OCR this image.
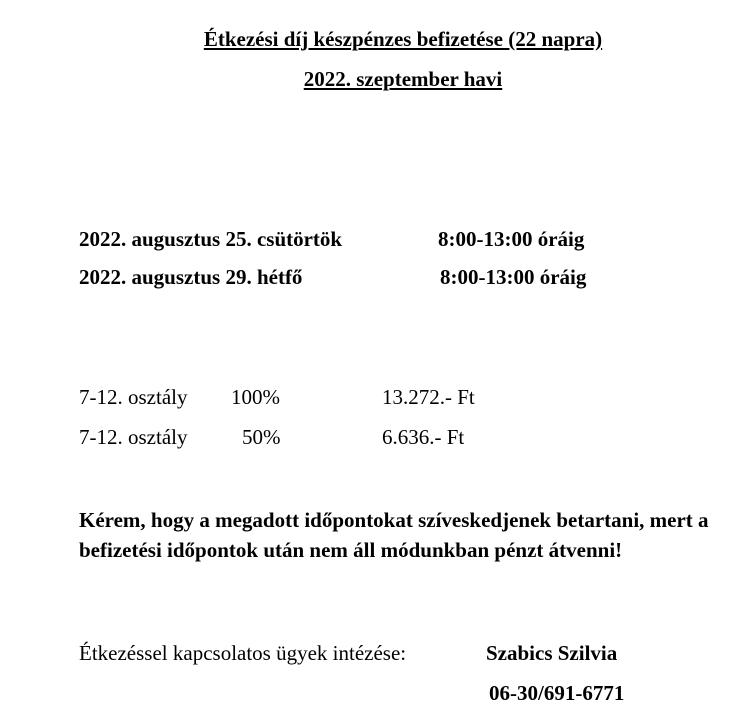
Étkezési díj készpénzes befizetése (22 napra)
2022. szeptember havi
2022. augusztus 25. csütörtök	8:00-13:00 óráig
2022. augusztus 29. hétfő	8:00-13:00 óráig
7-12. osztály 100%	13.272.- Ft
7-12. osztály	50%	6.636.- Ft
Kérem, hogy a megadott időpontokat szíveskedjenek betartani, mert a befizetési időpontok után nem áll módunkban pénzt átvenni!
Étkezéssel kapcsolatos ügyek intézése:	Szabics Szilvia
06-30/691-6771
